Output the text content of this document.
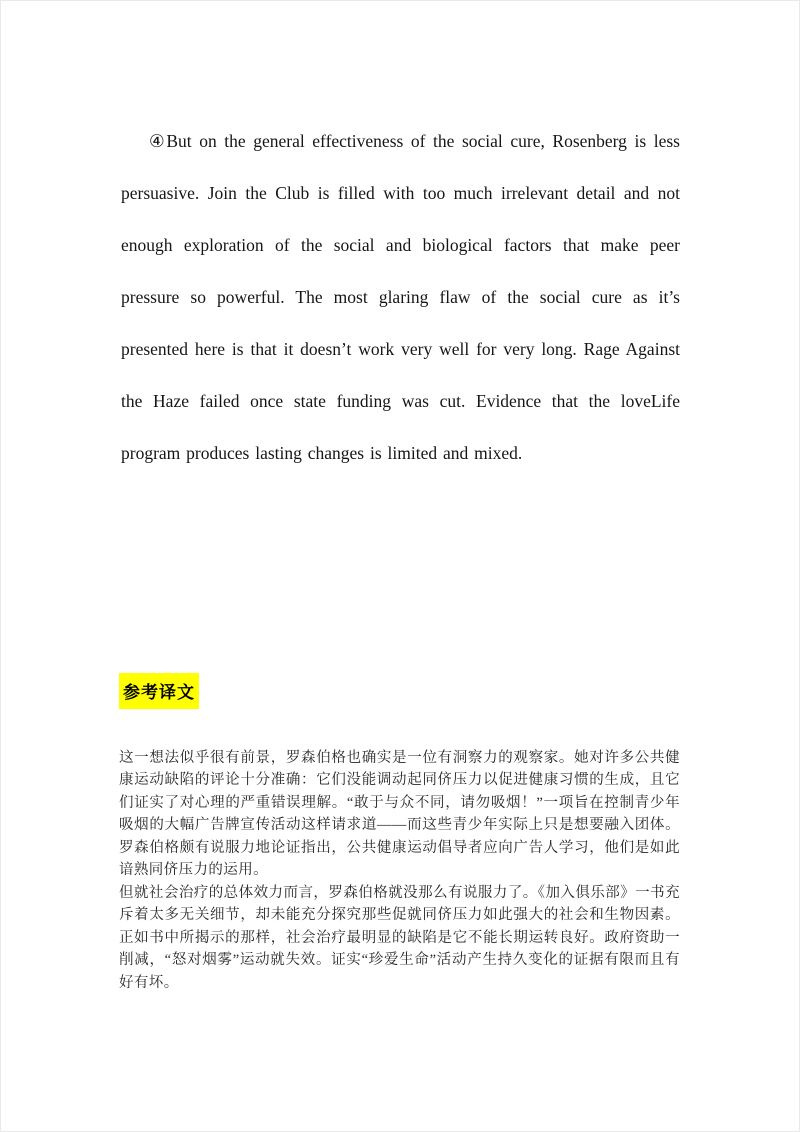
④But on the general effectiveness of the social cure, Rosenberg is less persuasive. Join the Club is filled with too much irrelevant detail and not enough exploration of the social and biological factors that make peer pressure so powerful. The most glaring flaw of the social cure as it’s presented here is that it doesn’t work very well for very long. Rage Against the Haze failed once state funding was cut. Evidence that the loveLife program produces lasting changes is limited and mixed.

参考译文

这一想法似乎很有前景，罗森伯格也确实是一位有洞察力的观察家。她对许多公共健康运动缺陷的评论十分准确：它们没能调动起同侪压力以促进健康习惯的生成，且它们证实了对心理的严重错误理解。“敢于与众不同，请勿吸烟！”一项旨在控制青少年吸烟的大幅广告牌宣传活动这样请求道——而这些青少年实际上只是想要融入团体。罗森伯格颇有说服力地论证指出，公共健康运动倡导者应向广告人学习，他们是如此谙熟同侪压力的运用。

但就社会治疗的总体效力而言，罗森伯格就没那么有说服力了。《加入俱乐部》一书充斥着太多无关细节，却未能充分探究那些促就同侪压力如此强大的社会和生物因素。正如书中所揭示的那样，社会治疗最明显的缺陷是它不能长期运转良好。政府资助一削减，“怒对烟雾”运动就失效。证实“珍爱生命”活动产生持久变化的证据有限而且有好有坏。
